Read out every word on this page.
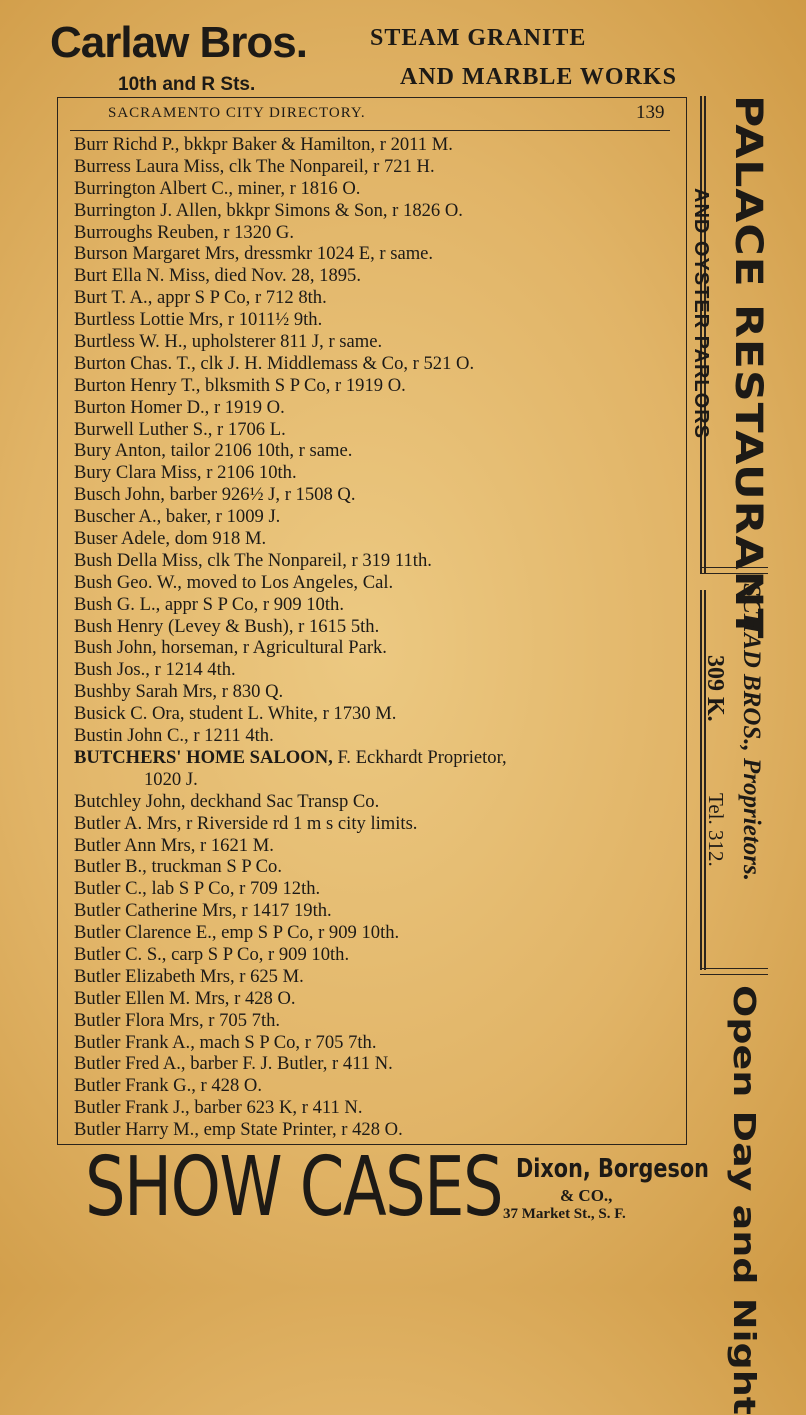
Carlaw Bros.
10th and R Sts.
STEAM GRANITE
AND MARBLE WORKS
SACRAMENTO CITY DIRECTORY.	139
Burr Richd P., bkkpr Baker & Hamilton, r 2011 M.
Burress Laura Miss, clk The Nonpareil, r 721 H.
Burrington Albert C., miner, r 1816 O.
Burrington J. Allen, bkkpr Simons & Son, r 1826 O.
Burroughs Reuben, r 1320 G.
Burson Margaret Mrs, dressmkr 1024 E, r same.
Burt Ella N. Miss, died Nov. 28, 1895.
Burt T. A., appr S P Co, r 712 8th.
Burtless Lottie Mrs, r 1011½ 9th.
Burtless W. H., upholsterer 811 J, r same.
Burton Chas. T., clk J. H. Middlemass & Co, r 521 O.
Burton Henry T., blksmith S P Co, r 1919 O.
Burton Homer D., r 1919 O.
Burwell Luther S., r 1706 L.
Bury Anton, tailor 2106 10th, r same.
Bury Clara Miss, r 2106 10th.
Busch John, barber 926½ J, r 1508 Q.
Buscher A., baker, r 1009 J.
Buser Adele, dom 918 M.
Bush Della Miss, clk The Nonpareil, r 319 11th.
Bush Geo. W., moved to Los Angeles, Cal.
Bush G. L., appr S P Co, r 909 10th.
Bush Henry (Levey & Bush), r 1615 5th.
Bush John, horseman, r Agricultural Park.
Bush Jos., r 1214 4th.
Bushby Sarah Mrs, r 830 Q.
Busick C. Ora, student L. White, r 1730 M.
Bustin John C., r 1211 4th.
BUTCHERS' HOME SALOON, F. Eckhardt Proprietor,
1020 J.
Butchley John, deckhand Sac Transp Co.
Butler A. Mrs, r Riverside rd 1 m s city limits.
Butler Ann Mrs, r 1621 M.
Butler B., truckman S P Co.
Butler C., lab S P Co, r 709 12th.
Butler Catherine Mrs, r 1417 19th.
Butler Clarence E., emp S P Co, r 909 10th.
Butler C. S., carp S P Co, r 909 10th.
Butler Elizabeth Mrs, r 625 M.
Butler Ellen M. Mrs, r 428 O.
Butler Flora Mrs, r 705 7th.
Butler Frank A., mach S P Co, r 705 7th.
Butler Fred A., barber F. J. Butler, r 411 N.
Butler Frank G., r 428 O.
Butler Frank J., barber 623 K, r 411 N.
Butler Harry M., emp State Printer, r 428 O.
PALACE RESTAURANT
AND OYSTER PARLORS
SCHAD BROS., Proprietors.
309 K.
Tel. 312.
Open Day and Night
SHOW CASES Dixon, Borgeson
& CO.,
37 Market St., S. F.
